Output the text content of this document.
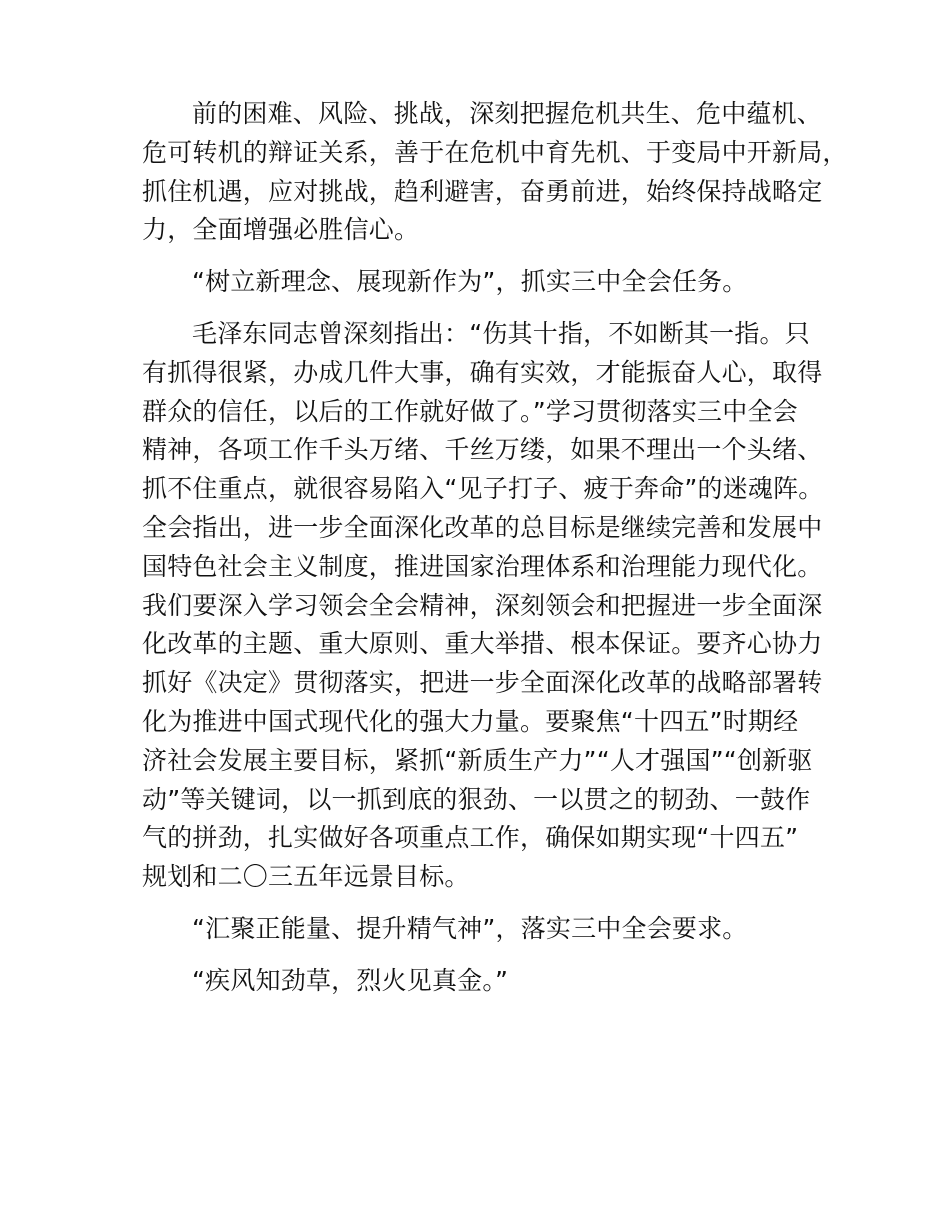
前的困难、风险、挑战，深刻把握危机共生、危中蕴机、
危可转机的辩证关系，善于在危机中育先机、于变局中开新局，
抓住机遇，应对挑战，趋利避害，奋勇前进，始终保持战略定
力，全面增强必胜信心。
“树立新理念、展现新作为”，抓实三中全会任务。
毛泽东同志曾深刻指出：“伤其十指，不如断其一指。只
有抓得很紧，办成几件大事，确有实效，才能振奋人心，取得
群众的信任，以后的工作就好做了。”学习贯彻落实三中全会
精神，各项工作千头万绪、千丝万缕，如果不理出一个头绪、
抓不住重点，就很容易陷入“见子打子、疲于奔命”的迷魂阵。
全会指出，进一步全面深化改革的总目标是继续完善和发展中
国特色社会主义制度，推进国家治理体系和治理能力现代化。
我们要深入学习领会全会精神，深刻领会和把握进一步全面深
化改革的主题、重大原则、重大举措、根本保证。要齐心协力
抓好《决定》贯彻落实，把进一步全面深化改革的战略部署转
化为推进中国式现代化的强大力量。要聚焦“十四五”时期经
济社会发展主要目标，紧抓“新质生产力”“人才强国”“创新驱
动”等关键词，以一抓到底的狠劲、一以贯之的韧劲、一鼓作
气的拼劲，扎实做好各项重点工作，确保如期实现“十四五”
规划和二〇三五年远景目标。
“汇聚正能量、提升精气神”，落实三中全会要求。
“疾风知劲草，烈火见真金。”
